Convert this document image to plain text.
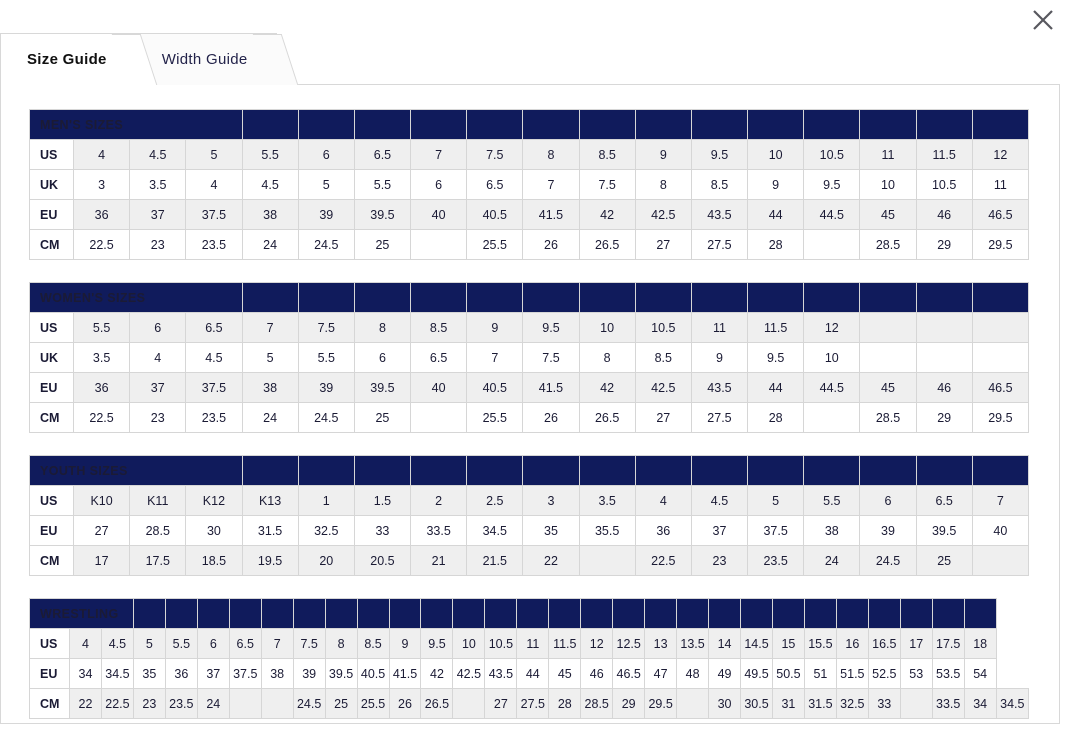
Size Guide	Width Guide
MEN'S SIZES																	
US	4	4.5	5	5.5	6	6.5	7	7.5	8	8.5	9	9.5	10	10.5	11	11.5	12
UK	3	3.5	4	4.5	5	5.5	6	6.5	7	7.5	8	8.5	9	9.5	10	10.5	11
EU	36	37	37.5	38	39	39.5	40	40.5	41.5	42	42.5	43.5	44	44.5	45	46	46.5
CM	22.5	23	23.5	24	24.5	25		25.5	26	26.5	27	27.5	28		28.5	29	29.5
WOMEN'S SIZES																	
US	5.5	6	6.5	7	7.5	8	8.5	9	9.5	10	10.5	11	11.5	12			
UK	3.5	4	4.5	5	5.5	6	6.5	7	7.5	8	8.5	9	9.5	10			
EU	36	37	37.5	38	39	39.5	40	40.5	41.5	42	42.5	43.5	44	44.5	45	46	46.5
CM	22.5	23	23.5	24	24.5	25		25.5	26	26.5	27	27.5	28		28.5	29	29.5
YOUTH SIZES																	
US	K10	K11	K12	K13	1	1.5	2	2.5	3	3.5	4	4.5	5	5.5	6	6.5	7
EU	27	28.5	30	31.5	32.5	33	33.5	34.5	35	35.5	36	37	37.5	38	39	39.5	40
CM	17	17.5	18.5	19.5	20	20.5	21	21.5	22		22.5	23	23.5	24	24.5	25	
WRESTLING																														
US	4	4.5	5	5.5	6	6.5	7	7.5	8	8.5	9	9.5	10	10.5	11	11.5	12	12.5	13	13.5	14	14.5	15	15.5	16	16.5	17	17.5	18	
EU	34	34.5	35	36	37	37.5	38	39	39.5	40.5	41.5	42	42.5	43.5	44	45	46	46.5	47	48	49	49.5	50.5	51	51.5	52.5	53	53.5	54	
CM	22	22.5	23	23.5	24			24.5	25	25.5	26	26.5		27	27.5	28	28.5	29	29.5		30	30.5	31	31.5	32.5	33		33.5	34	34.5
